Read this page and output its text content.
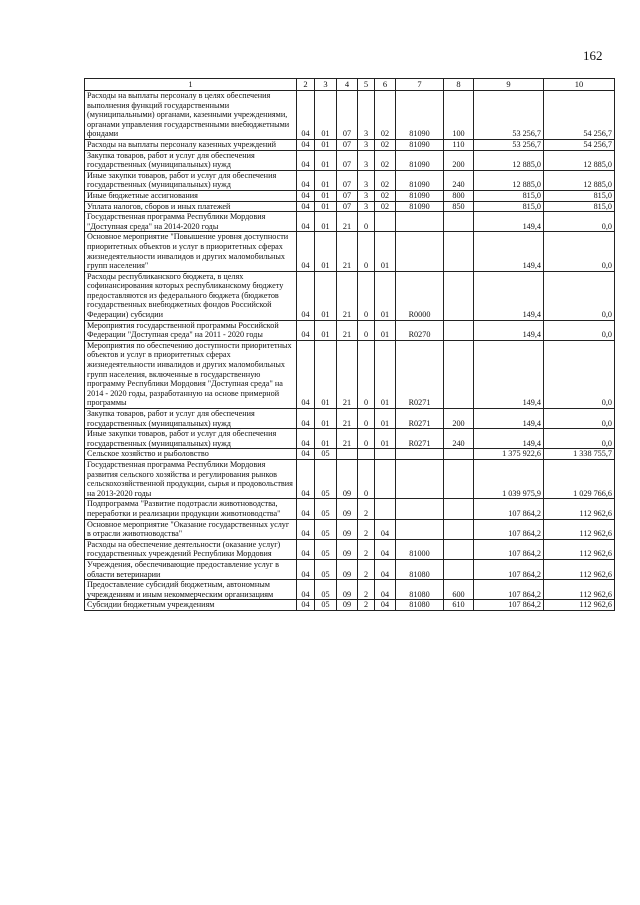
162
1	2	3	4	5	6	7	8	9	10
Расходы на выплаты персоналу в целях обеспечения выполнения функций государственными (муниципальными) органами, казенными учреждениями, органами управления государственными внебюджетными фондами	04	01	07	3	02	81090	100	53 256,7	54 256,7
Расходы на выплаты персоналу казенных учреждений	04	01	07	3	02	81090	110	53 256,7	54 256,7
Закупка товаров, работ и услуг для обеспечения государственных (муниципальных) нужд	04	01	07	3	02	81090	200	12 885,0	12 885,0
Иные закупки товаров, работ и услуг для обеспечения государственных (муниципальных) нужд	04	01	07	3	02	81090	240	12 885,0	12 885,0
Иные бюджетные ассигнования	04	01	07	3	02	81090	800	815,0	815,0
Уплата налогов, сборов и иных платежей	04	01	07	3	02	81090	850	815,0	815,0
Государственная программа Республики Мордовия "Доступная среда" на 2014-2020 годы	04	01	21	0				149,4	0,0
Основное мероприятие "Повышение уровня доступности приоритетных объектов и услуг в приоритетных сферах жизнедеятельности инвалидов и других маломобильных групп населения"	04	01	21	0	01			149,4	0,0
Расходы республиканского бюджета, в целях софинансирования которых республиканскому бюджету предоставляются из федерального бюджета (бюджетов государственных внебюджетных фондов Российской Федерации) субсидии	04	01	21	0	01	R0000		149,4	0,0
Мероприятия государственной программы Российской Федерации "Доступная среда" на 2011 - 2020 годы	04	01	21	0	01	R0270		149,4	0,0
Мероприятия по обеспечению доступности приоритетных объектов и услуг в приоритетных сферах жизнедеятельности инвалидов и других маломобильных групп населения, включенные в государственную программу Республики Мордовия "Доступная среда" на 2014 - 2020 годы, разработанную на основе примерной программы	04	01	21	0	01	R0271		149,4	0,0
Закупка товаров, работ и услуг для обеспечения государственных (муниципальных) нужд	04	01	21	0	01	R0271	200	149,4	0,0
Иные закупки товаров, работ и услуг для обеспечения государственных (муниципальных) нужд	04	01	21	0	01	R0271	240	149,4	0,0
Сельское хозяйство и рыболовство	04	05						1 375 922,6	1 338 755,7
Государственная программа Республики Мордовия развития сельского хозяйства и регулирования рынков сельскохозяйственной продукции, сырья и продовольствия на 2013-2020 годы	04	05	09	0				1 039 975,9	1 029 766,6
Подпрограмма "Развитие подотрасли животноводства, переработки и реализации продукции животноводства"	04	05	09	2				107 864,2	112 962,6
Основное мероприятие "Оказание государственных услуг в отрасли животноводства"	04	05	09	2	04			107 864,2	112 962,6
Расходы на обеспечение деятельности (оказание услуг) государственных учреждений Республики Мордовия	04	05	09	2	04	81000		107 864,2	112 962,6
Учреждения, обеспечивающие предоставление услуг в области ветеринарии	04	05	09	2	04	81080		107 864,2	112 962,6
Предоставление субсидий бюджетным, автономным учреждениям и иным некоммерческим организациям	04	05	09	2	04	81080	600	107 864,2	112 962,6
Субсидии бюджетным учреждениям	04	05	09	2	04	81080	610	107 864,2	112 962,6
